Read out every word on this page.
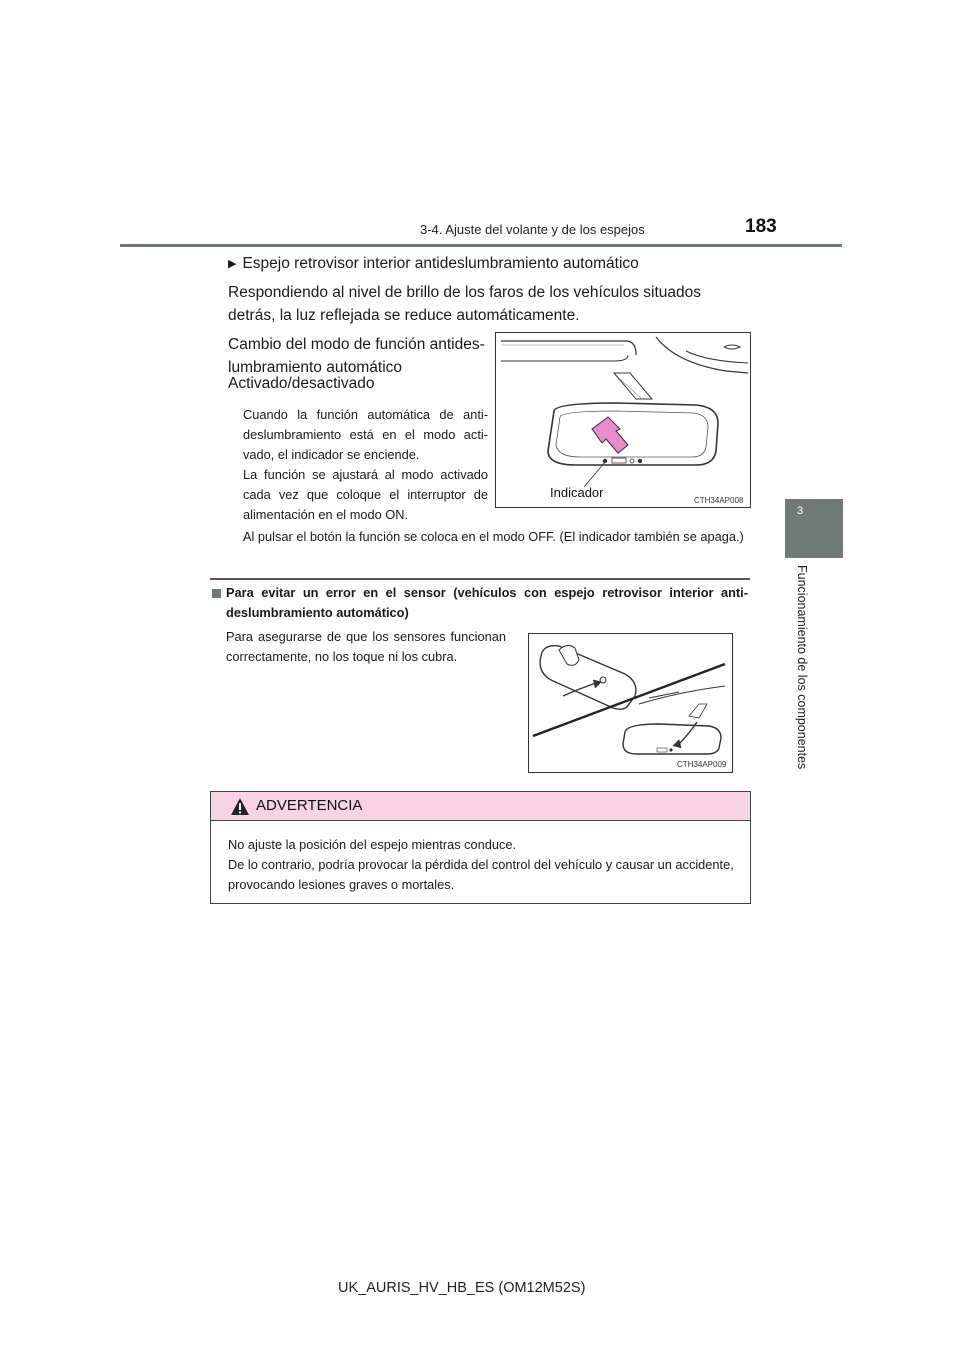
3-4. Ajuste del volante y de los espejos	183
3
Funcionamiento de los componentes
▶ Espejo retrovisor interior antideslumbramiento automático
Respondiendo al nivel de brillo de los faros de los vehículos situados detrás, la luz reflejada se reduce automáticamente.
Cambio del modo de función antideslumbramiento automático
Activado/desactivado
Cuando la función automática de antideslumbramiento está en el modo activado, el indicador se enciende.
La función se ajustará al modo activado cada vez que coloque el interruptor de alimentación en el modo ON.
Al pulsar el botón la función se coloca en el modo OFF. (El indicador también se apaga.)
Indicador
CTH34AP008
Para evitar un error en el sensor (vehículos con espejo retrovisor interior antideslumbramiento automático)
Para asegurarse de que los sensores funcionan correctamente, no los toque ni los cubra.
CTH34AP009
ADVERTENCIA
No ajuste la posición del espejo mientras conduce.
De lo contrario, podría provocar la pérdida del control del vehículo y causar un accidente, provocando lesiones graves o mortales.
UK_AURIS_HV_HB_ES (OM12M52S)
